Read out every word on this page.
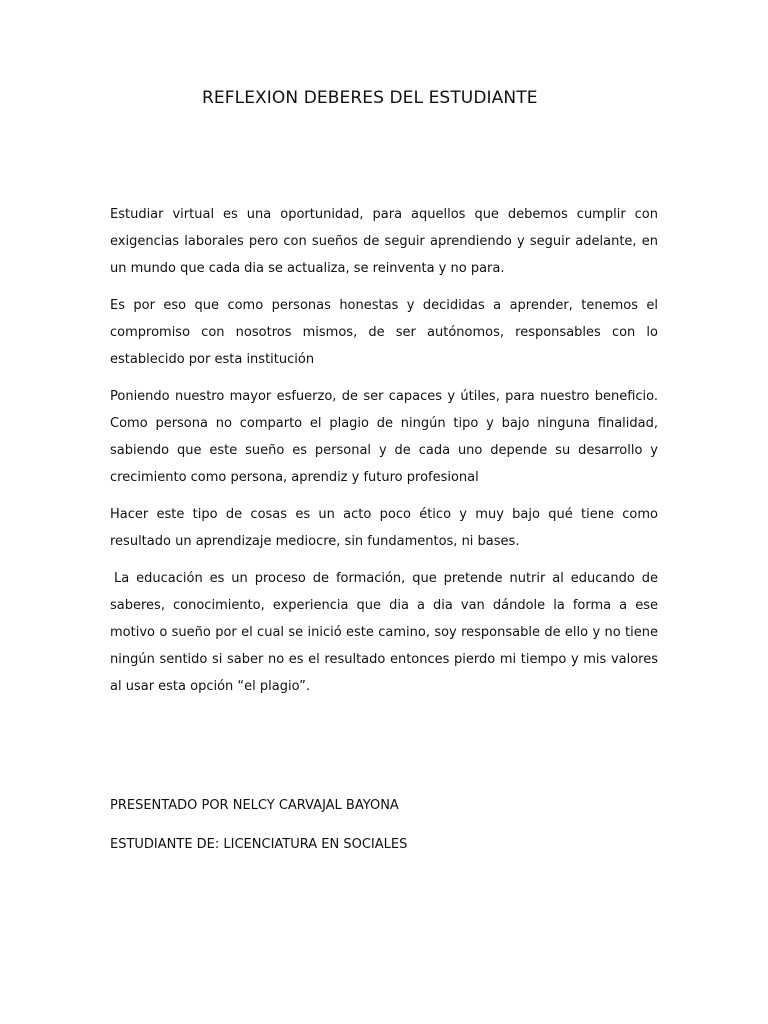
REFLEXION DEBERES DEL ESTUDIANTE

Estudiar virtual es una oportunidad, para aquellos que debemos cumplir con exigencias laborales pero con sueños de seguir aprendiendo y seguir adelante, en un mundo que cada dia se actualiza, se reinventa y no para.

Es por eso que como personas honestas y decididas a aprender, tenemos el compromiso con nosotros mismos, de ser autónomos, responsables con lo establecido por esta institución

Poniendo nuestro mayor esfuerzo, de ser capaces y útiles, para nuestro beneficio. Como persona no comparto el plagio de ningún tipo y bajo ninguna finalidad, sabiendo que este sueño es personal y de cada uno depende su desarrollo y crecimiento como persona, aprendiz y futuro profesional

Hacer este tipo de cosas es un acto poco ético y muy bajo qué tiene como resultado un aprendizaje mediocre, sin fundamentos, ni bases.

La educación es un proceso de formación, que pretende nutrir al educando de saberes, conocimiento, experiencia que dia a dia van dándole la forma a ese motivo o sueño por el cual se inició este camino, soy responsable de ello y no tiene ningún sentido si saber no es el resultado entonces pierdo mi tiempo y mis valores al usar esta opción “el plagio”.

PRESENTADO POR NELCY CARVAJAL BAYONA
ESTUDIANTE DE: LICENCIATURA EN SOCIALES
